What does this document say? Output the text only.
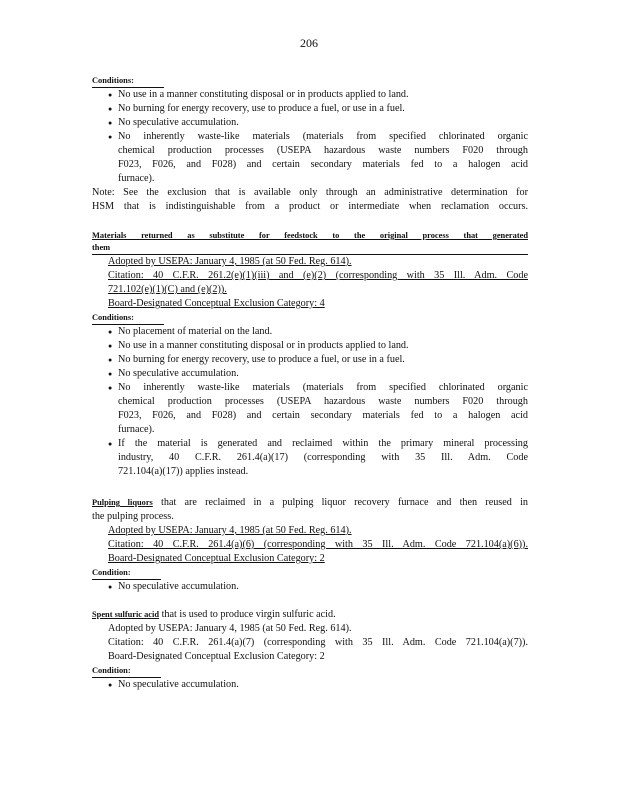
206
Conditions:
● No use in a manner constituting disposal or in products applied to land.
● No burning for energy recovery, use to produce a fuel, or use in a fuel.
● No speculative accumulation.
● No inherently waste-like materials (materials from specified chlorinated organic
chemical production processes (USEPA hazardous waste numbers F020 through
F023, F026, and F028) and certain secondary materials fed to a halogen acid
furnace).
Note: See the exclusion that is available only through an administrative determination for
HSM that is indistinguishable from a product or intermediate when reclamation occurs.
Materials returned as substitute for feedstock to the original process that generated
them
Adopted by USEPA: January 4, 1985 (at 50 Fed. Reg. 614).
Citation: 40 C.F.R. 261.2(e)(1)(iii) and (e)(2) (corresponding with 35 Ill. Adm. Code
721.102(e)(1)(C) and (e)(2)).
Board-Designated Conceptual Exclusion Category: 4
Conditions:
● No placement of material on the land.
● No use in a manner constituting disposal or in products applied to land.
● No burning for energy recovery, use to produce a fuel, or use in a fuel.
● No speculative accumulation.
● No inherently waste-like materials (materials from specified chlorinated organic
chemical production processes (USEPA hazardous waste numbers F020 through
F023, F026, and F028) and certain secondary materials fed to a halogen acid
furnace).
● If the material is generated and reclaimed within the primary mineral processing
industry, 40 C.F.R. 261.4(a)(17) (corresponding with 35 Ill. Adm. Code
721.104(a)(17)) applies instead.
Pulping liquors that are reclaimed in a pulping liquor recovery furnace and then reused in
the pulping process.
Adopted by USEPA: January 4, 1985 (at 50 Fed. Reg. 614).
Citation: 40 C.F.R. 261.4(a)(6) (corresponding with 35 Ill. Adm. Code 721.104(a)(6)).
Board-Designated Conceptual Exclusion Category: 2
Condition:
● No speculative accumulation.
Spent sulfuric acid that is used to produce virgin sulfuric acid.
Adopted by USEPA: January 4, 1985 (at 50 Fed. Reg. 614).
Citation: 40 C.F.R. 261.4(a)(7) (corresponding with 35 Ill. Adm. Code 721.104(a)(7)).
Board-Designated Conceptual Exclusion Category: 2
Condition:
● No speculative accumulation.
